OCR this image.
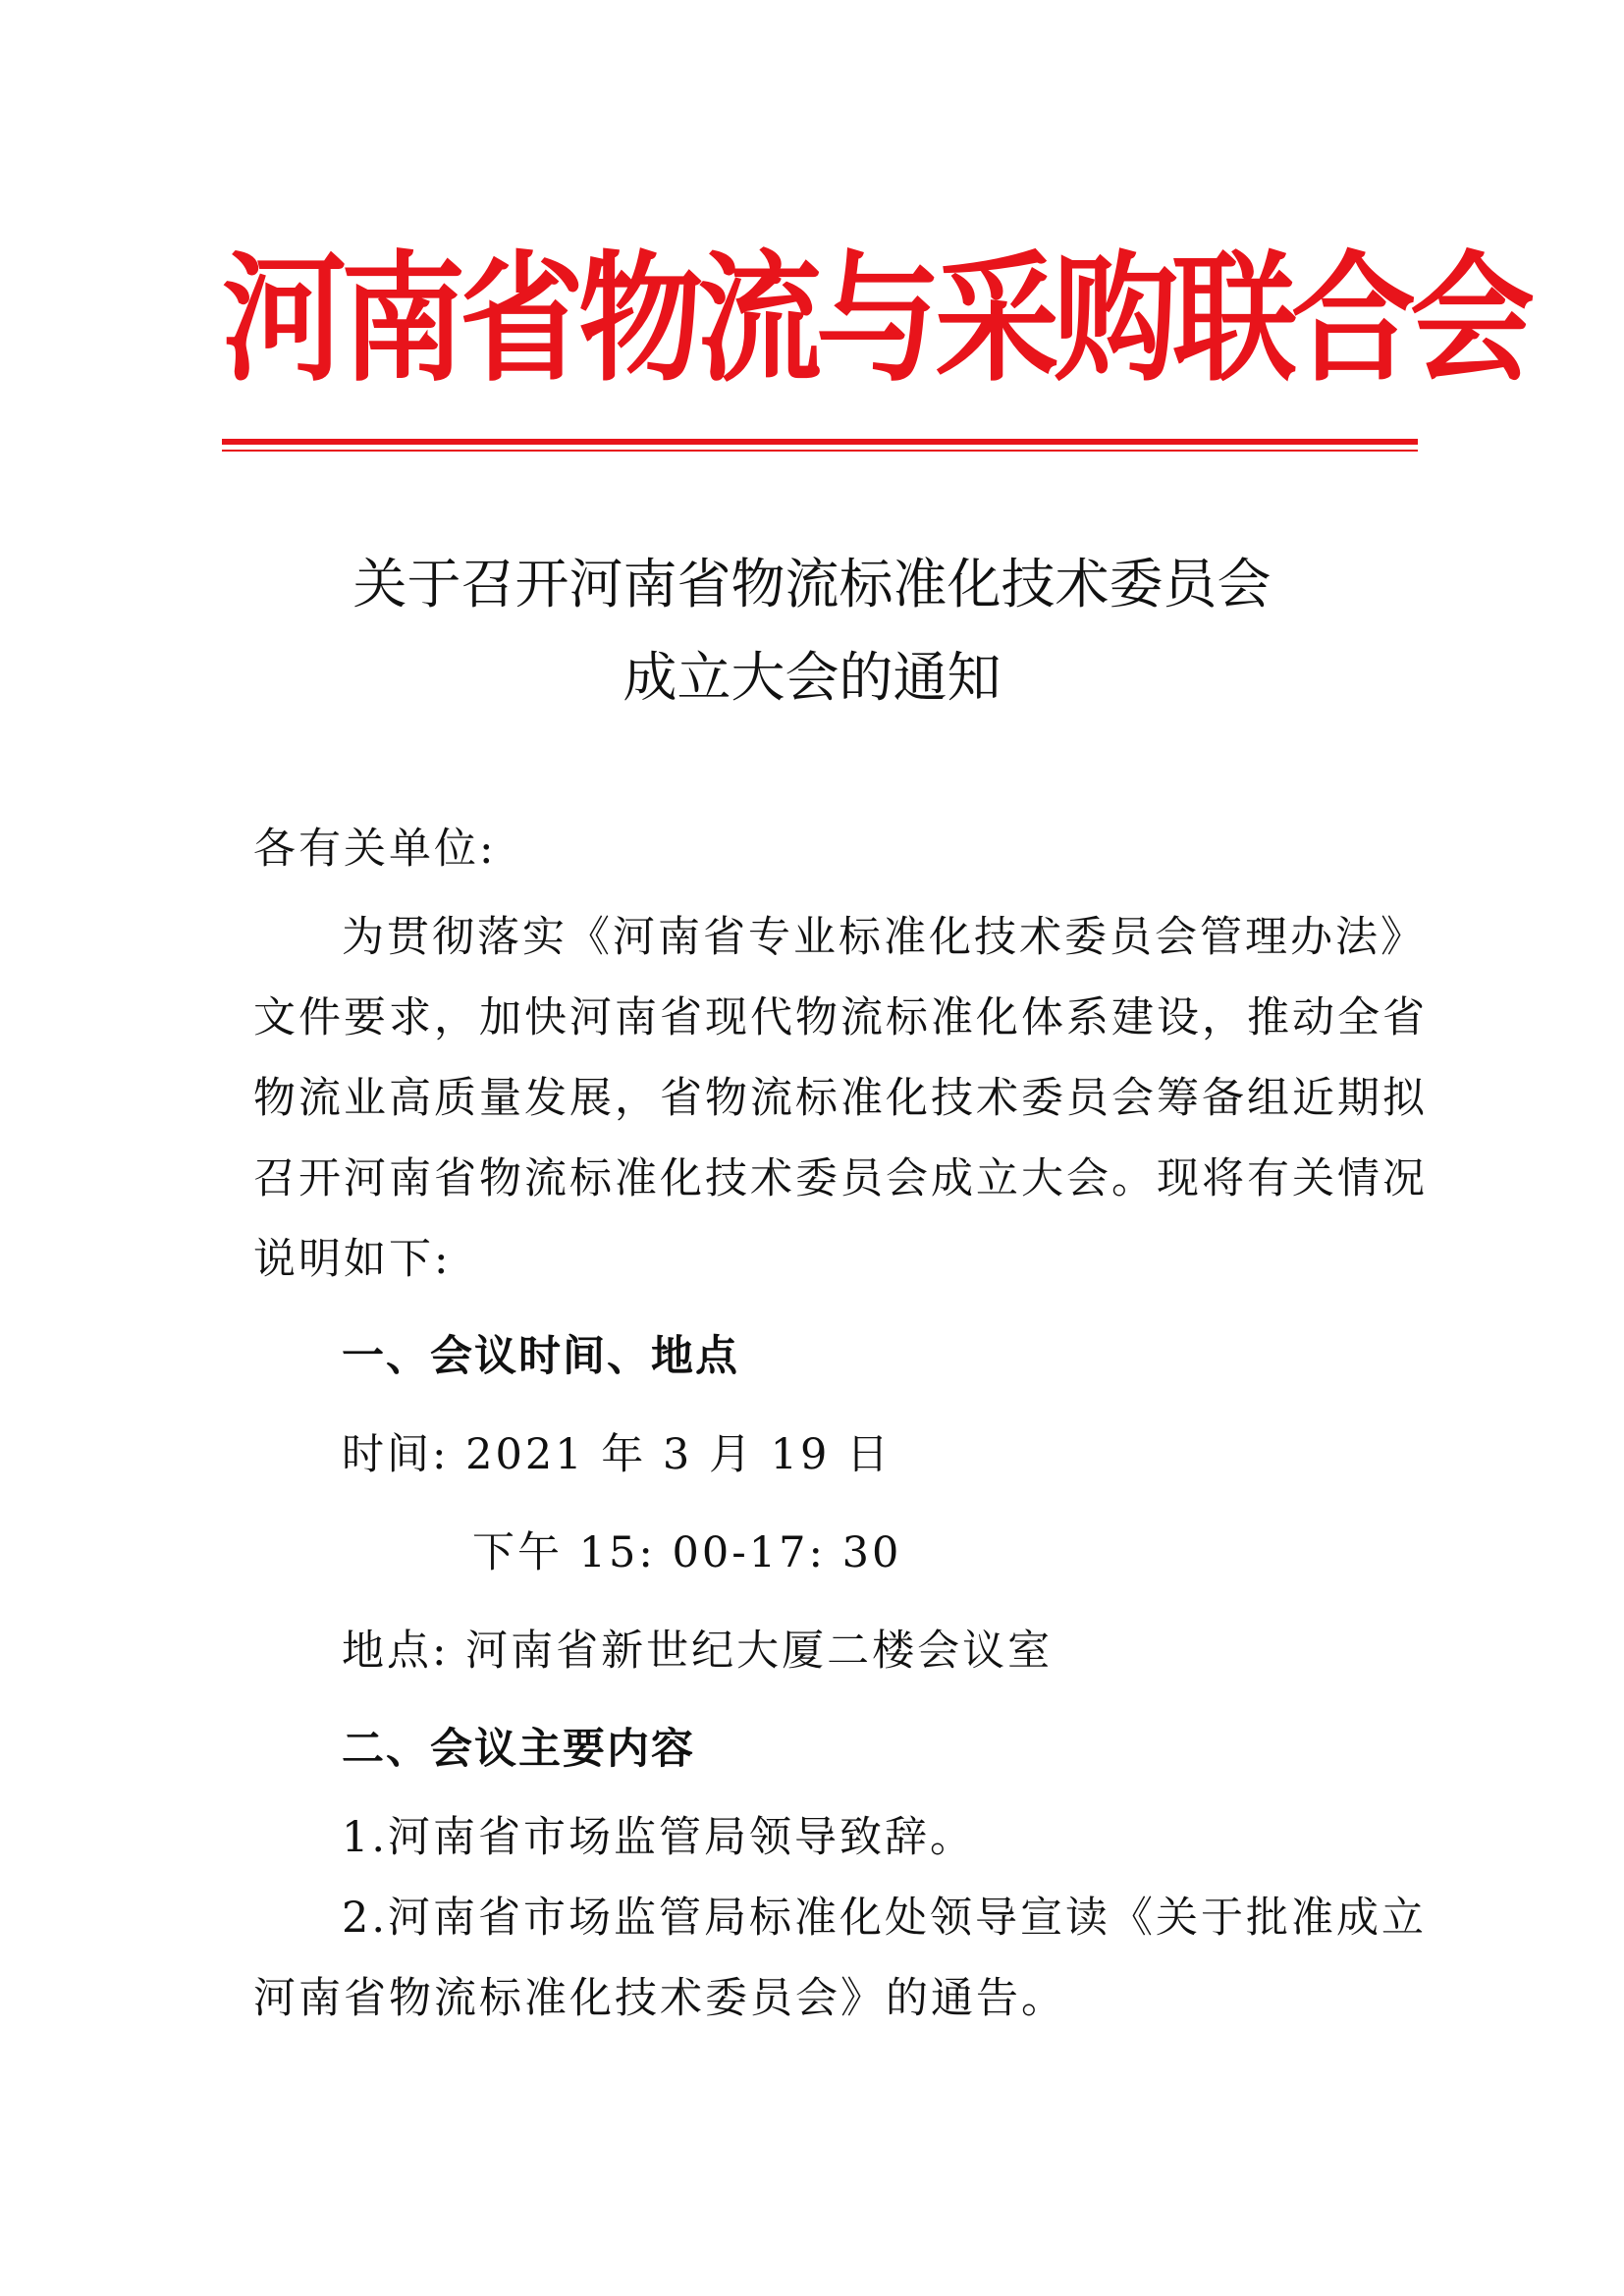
河南省物流与采购联合会
关于召开河南省物流标准化技术委员会
成立大会的通知
各有关单位:
为贯彻落实《河南省专业标准化技术委员会管理办法》
文件要求，加快河南省现代物流标准化体系建设，推动全省
物流业高质量发展，省物流标准化技术委员会筹备组近期拟
召开河南省物流标准化技术委员会成立大会。现将有关情况
说明如下:
一、会议时间、地点
时间: 2021 年 3 月 19 日
下午 15: 00-17: 30
地点: 河南省新世纪大厦二楼会议室
二、会议主要内容
1.河南省市场监管局领导致辞。
2.河南省市场监管局标准化处领导宣读《关于批准成立
河南省物流标准化技术委员会》的通告。
